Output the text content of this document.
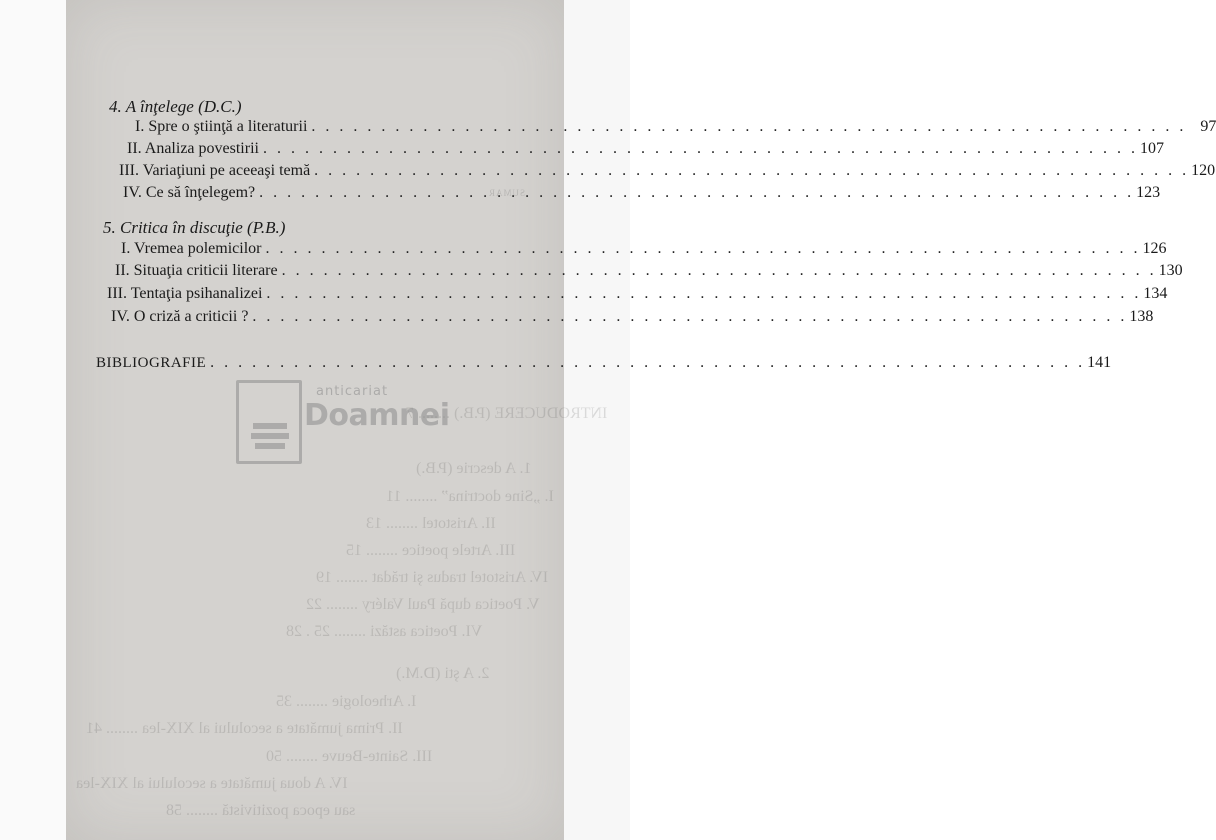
SUMAR
INTRODUCERE (P.B.) ........ 7
1. A descrie (P.B.)
I. „Sine doctrina” ........ 11
II. Aristotel ........ 13
III. Artele poetice ........ 15
IV. Aristotel tradus şi trădat ........ 19
V. Poetica după Paul Valéry ........ 22
VI. Poetica astăzi ........ 25 . 28
2. A şti (D.M.)
I. Arheologie ........ 35
II. Prima jumătate a secolului al XIX-lea ........ 41
III. Sainte-Beuve ........ 50
IV. A doua jumătate a secolului al XIX-lea
sau epoca pozitivistă ........ 58
4. A înţelege (D.C.)
I. Spre o ştiinţă a literaturii . . .	97
II. Analiza povestirii . . .	107
III. Variaţiuni pe aceeaşi temă . . .	120
IV. Ce să înţelegem? . . .	123
5. Critica în discuţie (P.B.)
I. Vremea polemicilor . . .	126
II. Situaţia criticii literare . . .	130
III. Tentaţia psihanalizei . . .	134
IV. O criză a criticii ? . . .	138
BIBLIOGRAFIE . . .	141
anticariat
Doamnei
